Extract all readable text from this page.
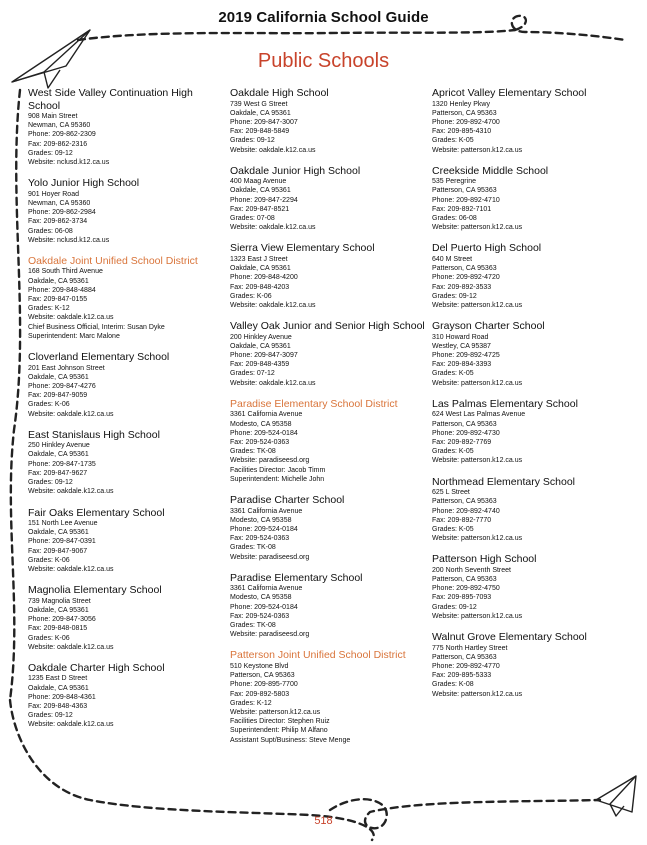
2019 California School Guide
Public Schools
West Side Valley Continuation High School
908 Main Street
Newman, CA 95360
Phone: 209-862-2309
Fax: 209-862-2316
Grades: 09-12
Website: nclusd.k12.ca.us
Yolo Junior High School
901 Hoyer Road
Newman, CA 95360
Phone: 209-862-2984
Fax: 209-862-3734
Grades: 06-08
Website: nclusd.k12.ca.us
Oakdale Joint Unified School District
168 South Third Avenue
Oakdale, CA 95361
Phone: 209-848-4884
Fax: 209-847-0155
Grades: K-12
Website: oakdale.k12.ca.us
Chief Business Official, Interim: Susan Dyke
Superintendent: Marc Malone
Cloverland Elementary School
201 East Johnson Street
Oakdale, CA 95361
Phone: 209-847-4276
Fax: 209-847-9059
Grades: K-06
Website: oakdale.k12.ca.us
East Stanislaus High School
250 Hinkley Avenue
Oakdale, CA 95361
Phone: 209-847-1735
Fax: 209-847-9627
Grades: 09-12
Website: oakdale.k12.ca.us
Fair Oaks Elementary School
151 North Lee Avenue
Oakdale, CA 95361
Phone: 209-847-0391
Fax: 209-847-9067
Grades: K-06
Website: oakdale.k12.ca.us
Magnolia Elementary School
739 Magnolia Street
Oakdale, CA 95361
Phone: 209-847-3056
Fax: 209-848-0815
Grades: K-06
Website: oakdale.k12.ca.us
Oakdale Charter High School
1235 East D Street
Oakdale, CA 95361
Phone: 209-848-4361
Fax: 209-848-4363
Grades: 09-12
Website: oakdale.k12.ca.us
Oakdale High School
739 West G Street
Oakdale, CA 95361
Phone: 209-847-3007
Fax: 209-848-5849
Grades: 09-12
Website: oakdale.k12.ca.us
Oakdale Junior High School
400 Maag Avenue
Oakdale, CA 95361
Phone: 209-847-2294
Fax: 209-847-8521
Grades: 07-08
Website: oakdale.k12.ca.us
Sierra View Elementary School
1323 East J Street
Oakdale, CA 95361
Phone: 209-848-4200
Fax: 209-848-4203
Grades: K-06
Website: oakdale.k12.ca.us
Valley Oak Junior and Senior High School
200 Hinkley Avenue
Oakdale, CA 95361
Phone: 209-847-3097
Fax: 209-848-4359
Grades: 07-12
Website: oakdale.k12.ca.us
Paradise Elementary School District
3361 California Avenue
Modesto, CA 95358
Phone: 209-524-0184
Fax: 209-524-0363
Grades: TK-08
Website: paradiseesd.org
Facilities Director: Jacob Timm
Superintendent: Michelle John
Paradise Charter School
3361 California Avenue
Modesto, CA 95358
Phone: 209-524-0184
Fax: 209-524-0363
Grades: TK-08
Website: paradiseesd.org
Paradise Elementary School
3361 California Avenue
Modesto, CA 95358
Phone: 209-524-0184
Fax: 209-524-0363
Grades: TK-08
Website: paradiseesd.org
Patterson Joint Unified School District
510 Keystone Blvd
Patterson, CA 95363
Phone: 209-895-7700
Fax: 209-892-5803
Grades: K-12
Website: patterson.k12.ca.us
Facilities Director: Stephen Ruiz
Superintendent: Philip M Alfano
Assistant Supt/Business: Steve Menge
Apricot Valley Elementary School
1320 Henley Pkwy
Patterson, CA 95363
Phone: 209-892-4700
Fax: 209-895-4310
Grades: K-05
Website: patterson.k12.ca.us
Creekside Middle School
535 Peregrine
Patterson, CA 95363
Phone: 209-892-4710
Fax: 209-892-7101
Grades: 06-08
Website: patterson.k12.ca.us
Del Puerto High School
640 M Street
Patterson, CA 95363
Phone: 209-892-4720
Fax: 209-892-3533
Grades: 09-12
Website: patterson.k12.ca.us
Grayson Charter School
310 Howard Road
Westley, CA 95387
Phone: 209-892-4725
Fax: 209-894-3393
Grades: K-05
Website: patterson.k12.ca.us
Las Palmas Elementary School
624 West Las Palmas Avenue
Patterson, CA 95363
Phone: 209-892-4730
Fax: 209-892-7769
Grades: K-05
Website: patterson.k12.ca.us
Northmead Elementary School
625 L Street
Patterson, CA 95363
Phone: 209-892-4740
Fax: 209-892-7770
Grades: K-05
Website: patterson.k12.ca.us
Patterson High School
200 North Seventh Street
Patterson, CA 95363
Phone: 209-892-4750
Fax: 209-895-7093
Grades: 09-12
Website: patterson.k12.ca.us
Walnut Grove Elementary School
775 North Hartley Street
Patterson, CA 95363
Phone: 209-892-4770
Fax: 209-895-5333
Grades: K-08
Website: patterson.k12.ca.us
518
